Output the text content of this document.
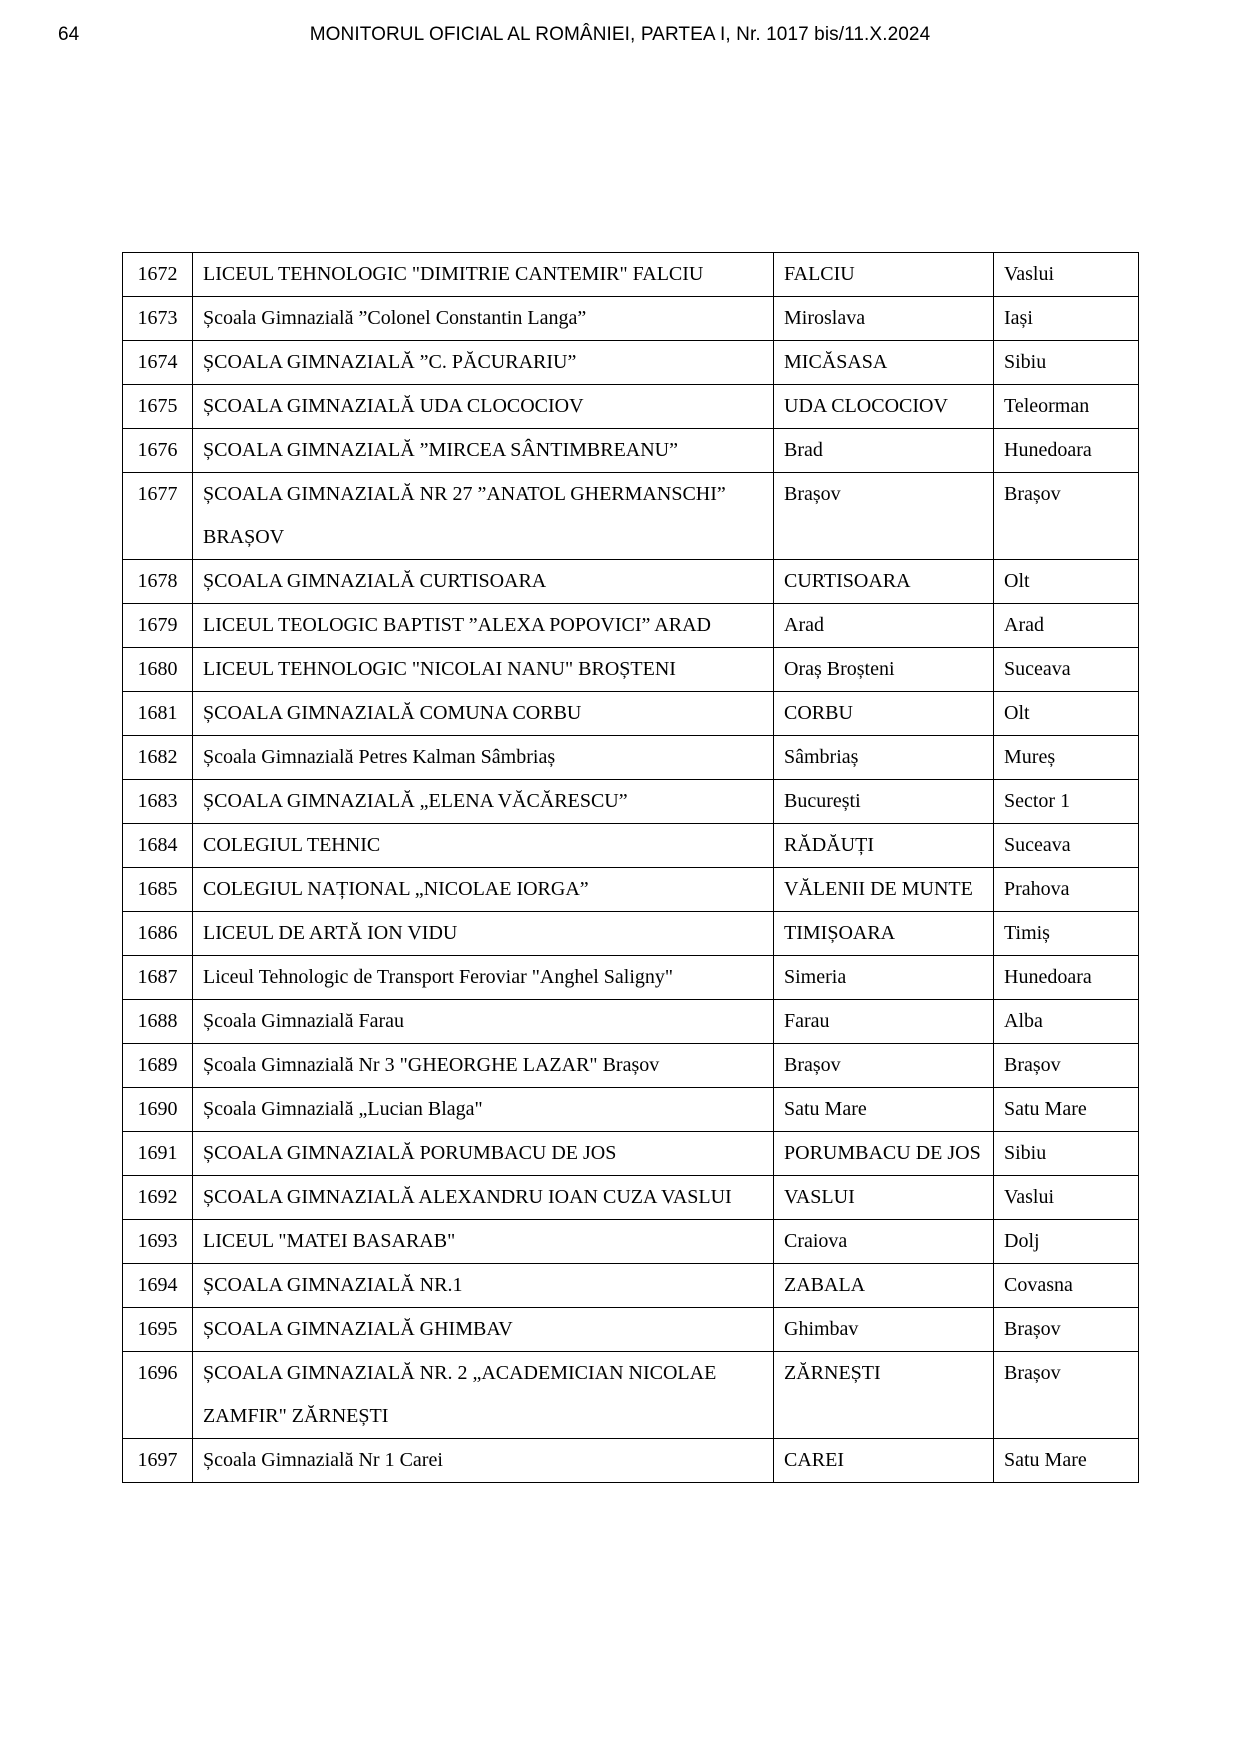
64	MONITORUL OFICIAL AL ROMÂNIEI, PARTEA I, Nr. 1017 bis/11.X.2024
1672	LICEUL TEHNOLOGIC "DIMITRIE CANTEMIR" FALCIU	FALCIU	Vaslui
1673	Școala Gimnazială ”Colonel Constantin Langa”	Miroslava	Iași
1674	ȘCOALA GIMNAZIALĂ ”C. PĂCURARIU”	MICĂSASA	Sibiu
1675	ȘCOALA GIMNAZIALĂ UDA CLOCOCIOV	UDA CLOCOCIOV	Teleorman
1676	ȘCOALA GIMNAZIALĂ ”MIRCEA SÂNTIMBREANU”	Brad	Hunedoara
1677	ȘCOALA GIMNAZIALĂ NR 27 ”ANATOL GHERMANSCHI” BRAȘOV	Brașov	Brașov
1678	ȘCOALA GIMNAZIALĂ CURTISOARA	CURTISOARA	Olt
1679	LICEUL TEOLOGIC BAPTIST ”ALEXA POPOVICI” ARAD	Arad	Arad
1680	LICEUL TEHNOLOGIC "NICOLAI NANU" BROȘTENI	Oraș Broșteni	Suceava
1681	ȘCOALA GIMNAZIALĂ COMUNA CORBU	CORBU	Olt
1682	Școala Gimnazială Petres Kalman Sâmbriaș	Sâmbriaș	Mureș
1683	ȘCOALA GIMNAZIALĂ „ELENA VĂCĂRESCU”	București	Sector 1
1684	COLEGIUL TEHNIC	RĂDĂUȚI	Suceava
1685	COLEGIUL NAȚIONAL „NICOLAE IORGA”	VĂLENII DE MUNTE	Prahova
1686	LICEUL DE ARTĂ ION VIDU	TIMIȘOARA	Timiș
1687	Liceul Tehnologic de Transport Feroviar "Anghel Saligny"	Simeria	Hunedoara
1688	Școala Gimnazială Farau	Farau	Alba
1689	Școala Gimnazială Nr 3 "GHEORGHE LAZAR" Brașov	Brașov	Brașov
1690	Școala Gimnazială „Lucian Blaga"	Satu Mare	Satu Mare
1691	ȘCOALA GIMNAZIALĂ PORUMBACU DE JOS	PORUMBACU DE JOS	Sibiu
1692	ȘCOALA GIMNAZIALĂ ALEXANDRU IOAN CUZA VASLUI	VASLUI	Vaslui
1693	LICEUL "MATEI BASARAB"	Craiova	Dolj
1694	ȘCOALA GIMNAZIALĂ NR.1	ZABALA	Covasna
1695	ȘCOALA GIMNAZIALĂ GHIMBAV	Ghimbav	Brașov
1696	ȘCOALA GIMNAZIALĂ NR. 2 „ACADEMICIAN NICOLAE ZAMFIR" ZĂRNEȘTI	ZĂRNEȘTI	Brașov
1697	Școala Gimnazială Nr 1 Carei	CAREI	Satu Mare
